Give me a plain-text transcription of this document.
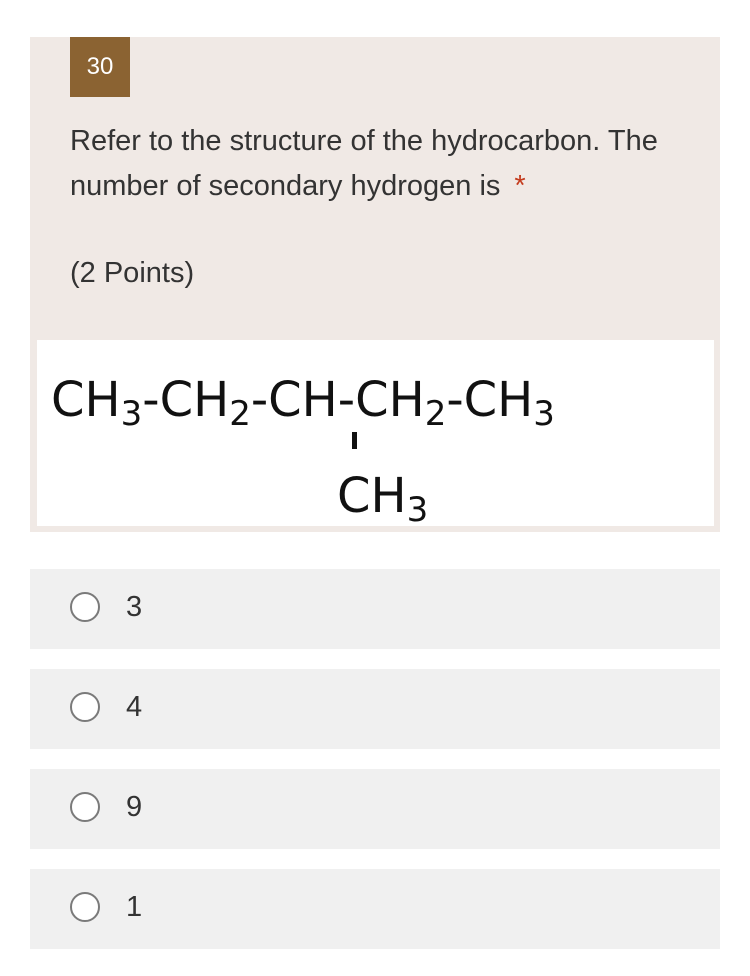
30
Refer to the structure of the hydrocarbon. The number of secondary hydrogen is *
(2 Points)
CH3-CH2-CH-CH2-CH3
CH3
3
4
9
1
